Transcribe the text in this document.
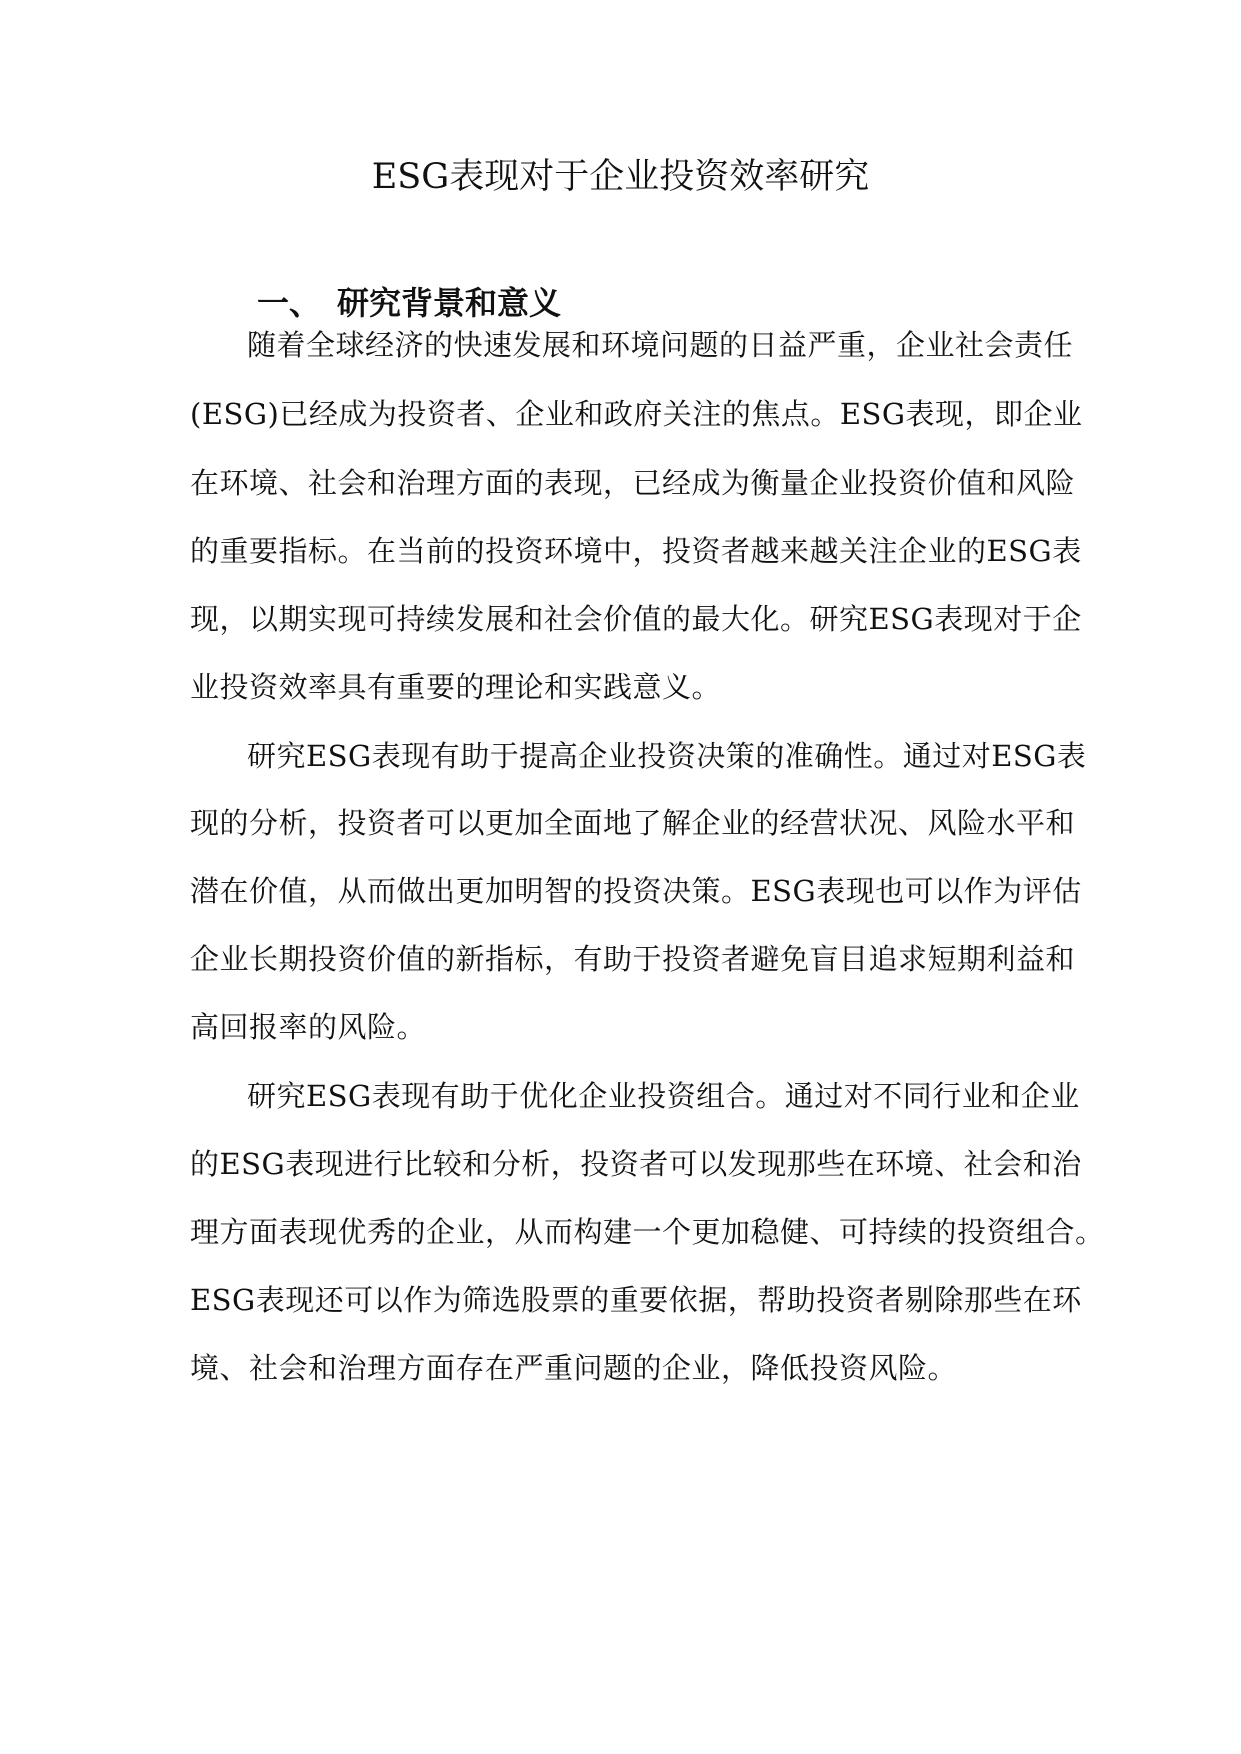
ESG表现对于企业投资效率研究
一、 研究背景和意义
随着全球经济的快速发展和环境问题的日益严重，企业社会责任
(ESG)已经成为投资者、企业和政府关注的焦点。ESG表现，即企业
在环境、社会和治理方面的表现，已经成为衡量企业投资价值和风险
的重要指标。在当前的投资环境中，投资者越来越关注企业的ESG表
现，以期实现可持续发展和社会价值的最大化。研究ESG表现对于企
业投资效率具有重要的理论和实践意义。
研究ESG表现有助于提高企业投资决策的准确性。通过对ESG表
现的分析，投资者可以更加全面地了解企业的经营状况、风险水平和
潜在价值，从而做出更加明智的投资决策。ESG表现也可以作为评估
企业长期投资价值的新指标，有助于投资者避免盲目追求短期利益和
高回报率的风险。
研究ESG表现有助于优化企业投资组合。通过对不同行业和企业
的ESG表现进行比较和分析，投资者可以发现那些在环境、社会和治
理方面表现优秀的企业，从而构建一个更加稳健、可持续的投资组合。
ESG表现还可以作为筛选股票的重要依据，帮助投资者剔除那些在环
境、社会和治理方面存在严重问题的企业，降低投资风险。
